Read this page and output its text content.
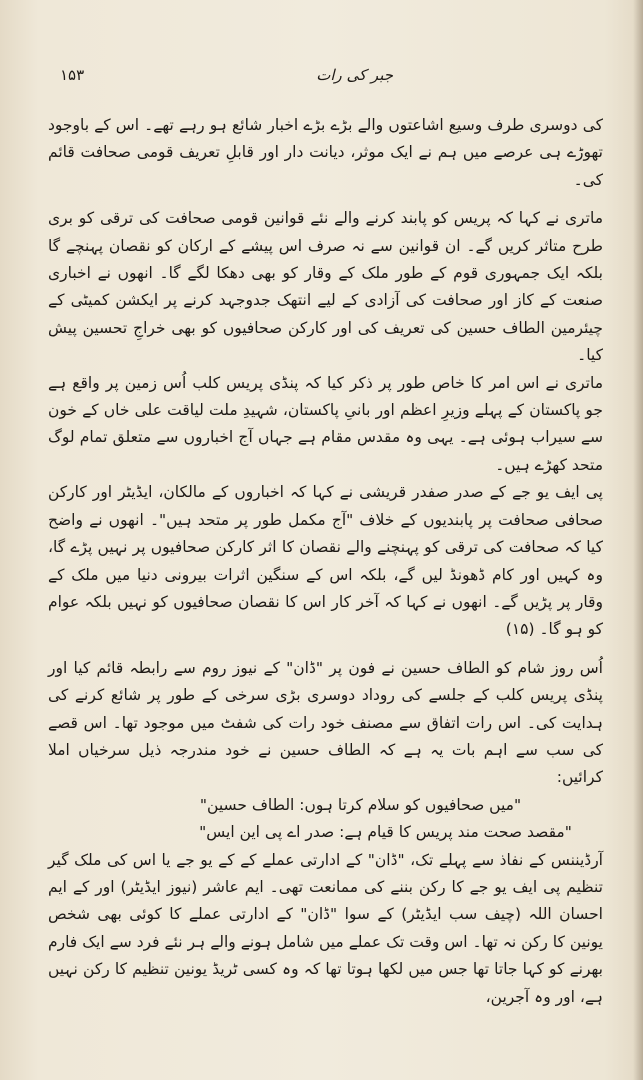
جبر کی رات
۱۵۳

کی دوسری طرف وسیع اشاعتوں والے بڑے بڑے اخبار شائع ہو رہے تھے۔ اس کے باوجود تھوڑے ہی عرصے میں ہم نے ایک موثر، دیانت دار اور قابلِ تعریف قومی صحافت قائم کی۔

ماتری نے کہا کہ پریس کو پابند کرنے والے نئے قوانین قومی صحافت کی ترقی کو بری طرح متاثر کریں گے۔ ان قوانین سے نہ صرف اس پیشے کے ارکان کو نقصان پہنچے گا بلکہ ایک جمہوری قوم کے طور ملک کے وقار کو بھی دھکا لگے گا۔ انھوں نے اخباری صنعت کے کاز اور صحافت کی آزادی کے لیے انتھک جدوجہد کرنے پر ایکشن کمیٹی کے چیئرمین الطاف حسین کی تعریف کی اور کارکن صحافیوں کو بھی خراجِ تحسین پیش کیا۔

ماتری نے اس امر کا خاص طور پر ذکر کیا کہ پنڈی پریس کلب اُس زمین پر واقع ہے جو پاکستان کے پہلے وزیرِ اعظم اور بانیِ پاکستان، شہیدِ ملت لیاقت علی خاں کے خون سے سیراب ہوئی ہے۔ یہی وہ مقدس مقام ہے جہاں آج اخباروں سے متعلق تمام لوگ متحد کھڑے ہیں۔

پی ایف یو جے کے صدر صفدر قریشی نے کہا کہ اخباروں کے مالکان، ایڈیٹر اور کارکن صحافی صحافت پر پابندیوں کے خلاف "آج مکمل طور پر متحد ہیں"۔ انھوں نے واضح کیا کہ صحافت کی ترقی کو پہنچنے والے نقصان کا اثر کارکن صحافیوں پر نہیں پڑے گا، وہ کہیں اور کام ڈھونڈ لیں گے، بلکہ اس کے سنگین اثرات بیرونی دنیا میں ملک کے وقار پر پڑیں گے۔ انھوں نے کہا کہ آخر کار اس کا نقصان صحافیوں کو نہیں بلکہ عوام کو ہو گا۔ (۱۵)

اُس روز شام کو الطاف حسین نے فون پر "ڈان" کے نیوز روم سے رابطہ قائم کیا اور پنڈی پریس کلب کے جلسے کی روداد دوسری بڑی سرخی کے طور پر شائع کرنے کی ہدایت کی۔ اس رات اتفاق سے مصنف خود رات کی شفٹ میں موجود تھا۔ اس قصے کی سب سے اہم بات یہ ہے کہ الطاف حسین نے خود مندرجہ ذیل سرخیاں املا کرائیں:

"میں صحافیوں کو سلام کرتا ہوں: الطاف حسین"

"مقصد صحت مند پریس کا قیام ہے: صدر اے پی این ایس"

آرڈیننس کے نفاذ سے پہلے تک، "ڈان" کے ادارتی عملے کے کے یو جے یا اس کی ملک گیر تنظیم پی ایف یو جے کا رکن بننے کی ممانعت تھی۔ ایم عاشر (نیوز ایڈیٹر) اور کے ایم احسان اللہ (چیف سب ایڈیٹر) کے سوا "ڈان" کے ادارتی عملے کا کوئی بھی شخص یونین کا رکن نہ تھا۔ اس وقت تک عملے میں شامل ہونے والے ہر نئے فرد سے ایک فارم بھرنے کو کہا جاتا تھا جس میں لکھا ہوتا تھا کہ وہ کسی ٹریڈ یونین تنظیم کا رکن نہیں ہے، اور وہ آجرین،
